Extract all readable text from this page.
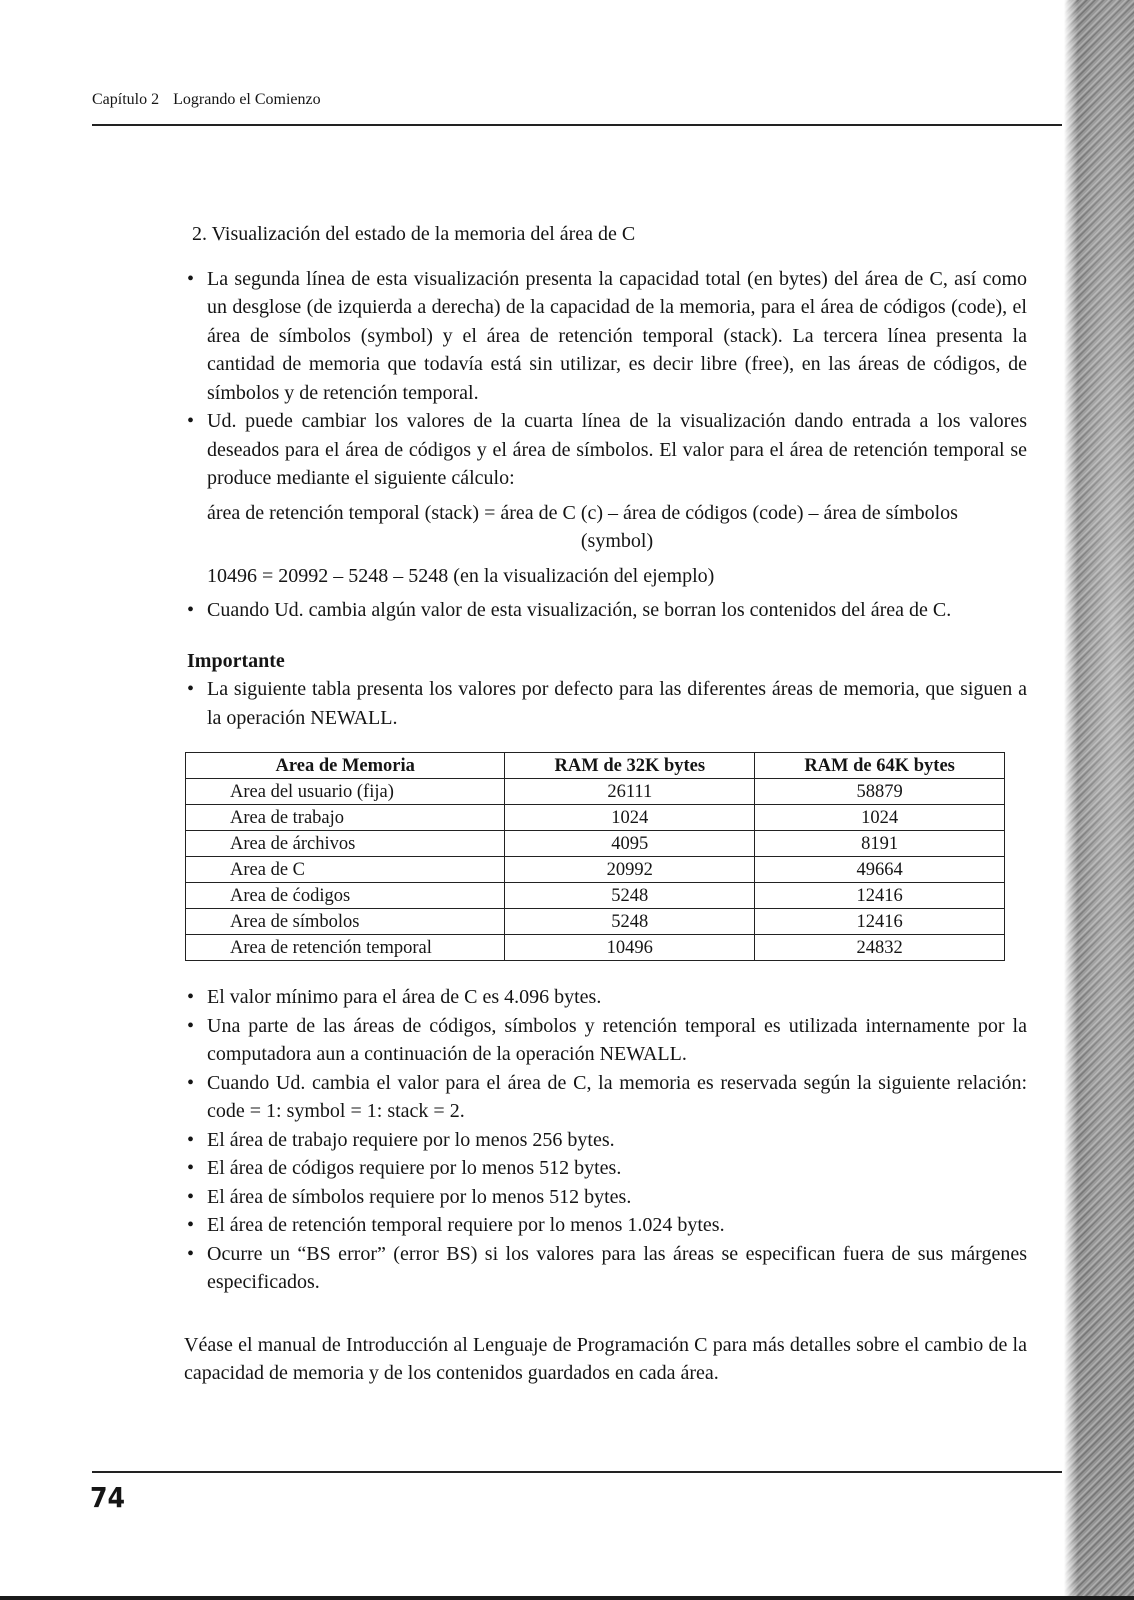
Capítulo 2 Logrando el Comienzo
2. Visualización del estado de la memoria del área de C
• La segunda línea de esta visualización presenta la capacidad total (en bytes) del área de C, así como un desglose (de izquierda a derecha) de la capacidad de la memoria, para el área de códigos (code), el área de símbolos (symbol) y el área de retención temporal (stack). La tercera línea presenta la cantidad de memoria que todavía está sin utilizar, es decir libre (free), en las áreas de códigos, de símbolos y de retención temporal.
• Ud. puede cambiar los valores de la cuarta línea de la visualización dando entrada a los valores deseados para el área de códigos y el área de símbolos. El valor para el área de retención temporal se produce mediante el siguiente cálculo:
área de retención temporal (stack) = área de C (c) – área de códigos (code) – área de símbolos
(symbol)
10496 = 20992 – 5248 – 5248 (en la visualización del ejemplo)
• Cuando Ud. cambia algún valor de esta visualización, se borran los contenidos del área de C.
Importante
• La siguiente tabla presenta los valores por defecto para las diferentes áreas de memoria, que siguen a la operación NEWALL.
Area de Memoria	RAM de 32K bytes	RAM de 64K bytes
Area del usuario (fija)	26111	58879
Area de trabajo	1024	1024
Area de árchivos	4095	8191
Area de C	20992	49664
Area de ćodigos	5248	12416
Area de símbolos	5248	12416
Area de retención temporal	10496	24832
• El valor mínimo para el área de C es 4.096 bytes.
• Una parte de las áreas de códigos, símbolos y retención temporal es utilizada internamente por la computadora aun a continuación de la operación NEWALL.
• Cuando Ud. cambia el valor para el área de C, la memoria es reservada según la siguiente relación: code = 1: symbol = 1: stack = 2.
• El área de trabajo requiere por lo menos 256 bytes.
• El área de códigos requiere por lo menos 512 bytes.
• El área de símbolos requiere por lo menos 512 bytes.
• El área de retención temporal requiere por lo menos 1.024 bytes.
• Ocurre un “BS error” (error BS) si los valores para las áreas se especifican fuera de sus márgenes especificados.
Véase el manual de Introducción al Lenguaje de Programación C para más detalles sobre el cambio de la capacidad de memoria y de los contenidos guardados en cada área.
74
